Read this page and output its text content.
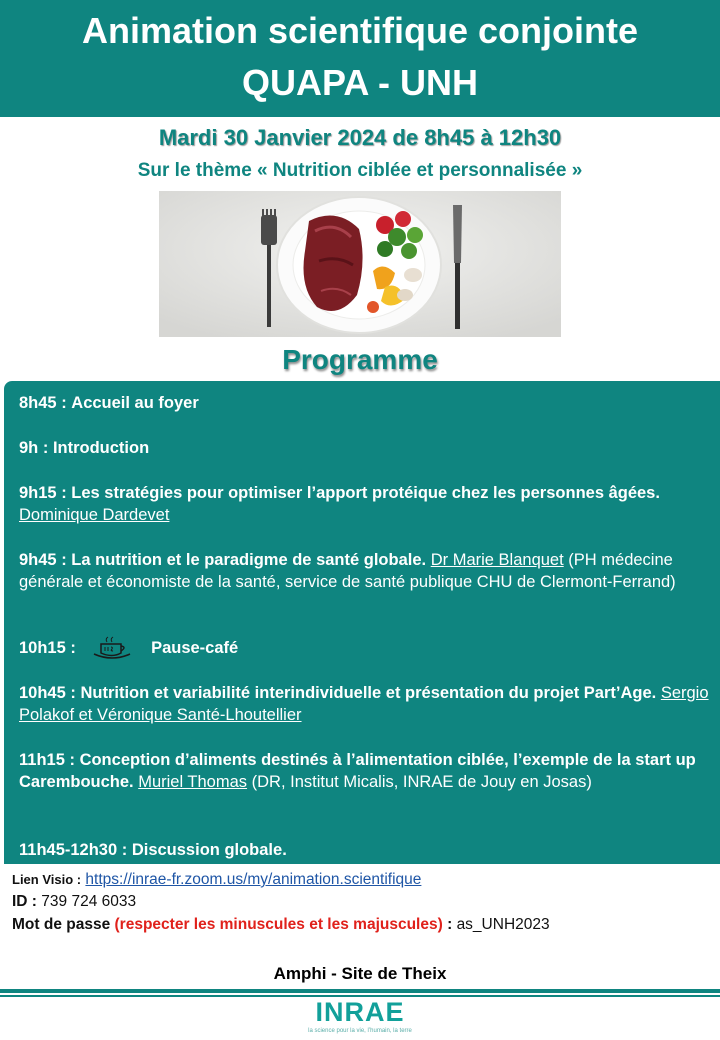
Animation scientifique conjointe
QUAPA - UNH
Mardi 30 Janvier 2024 de 8h45 à 12h30
Sur le thème « Nutrition ciblée et personnalisée »
Programme
8h45 : Accueil au foyer
9h : Introduction
9h15 : Les stratégies pour optimiser l’apport protéique chez les personnes âgées. Dominique Dardevet
9h45 : La nutrition et le paradigme de santé globale. Dr Marie Blanquet (PH médecine générale et économiste de la santé, service de santé publique CHU de Clermont-Ferrand)
10h15 :	Pause-café
10h45 : Nutrition et variabilité interindividuelle et présentation du projet Part’Age. Sergio Polakof et Véronique Santé-Lhoutellier
11h15 : Conception d’aliments destinés à l’alimentation ciblée, l’exemple de la start up Carembouche. Muriel Thomas (DR, Institut Micalis, INRAE de Jouy en Josas)
11h45-12h30 : Discussion globale.
Lien Visio : https://inrae-fr.zoom.us/my/animation.scientifique
ID : 739 724 6033
Mot de passe (respecter les minuscules et les majuscules) : as_UNH2023
Amphi - Site de Theix
INRAE
la science pour la vie, l’humain, la terre
